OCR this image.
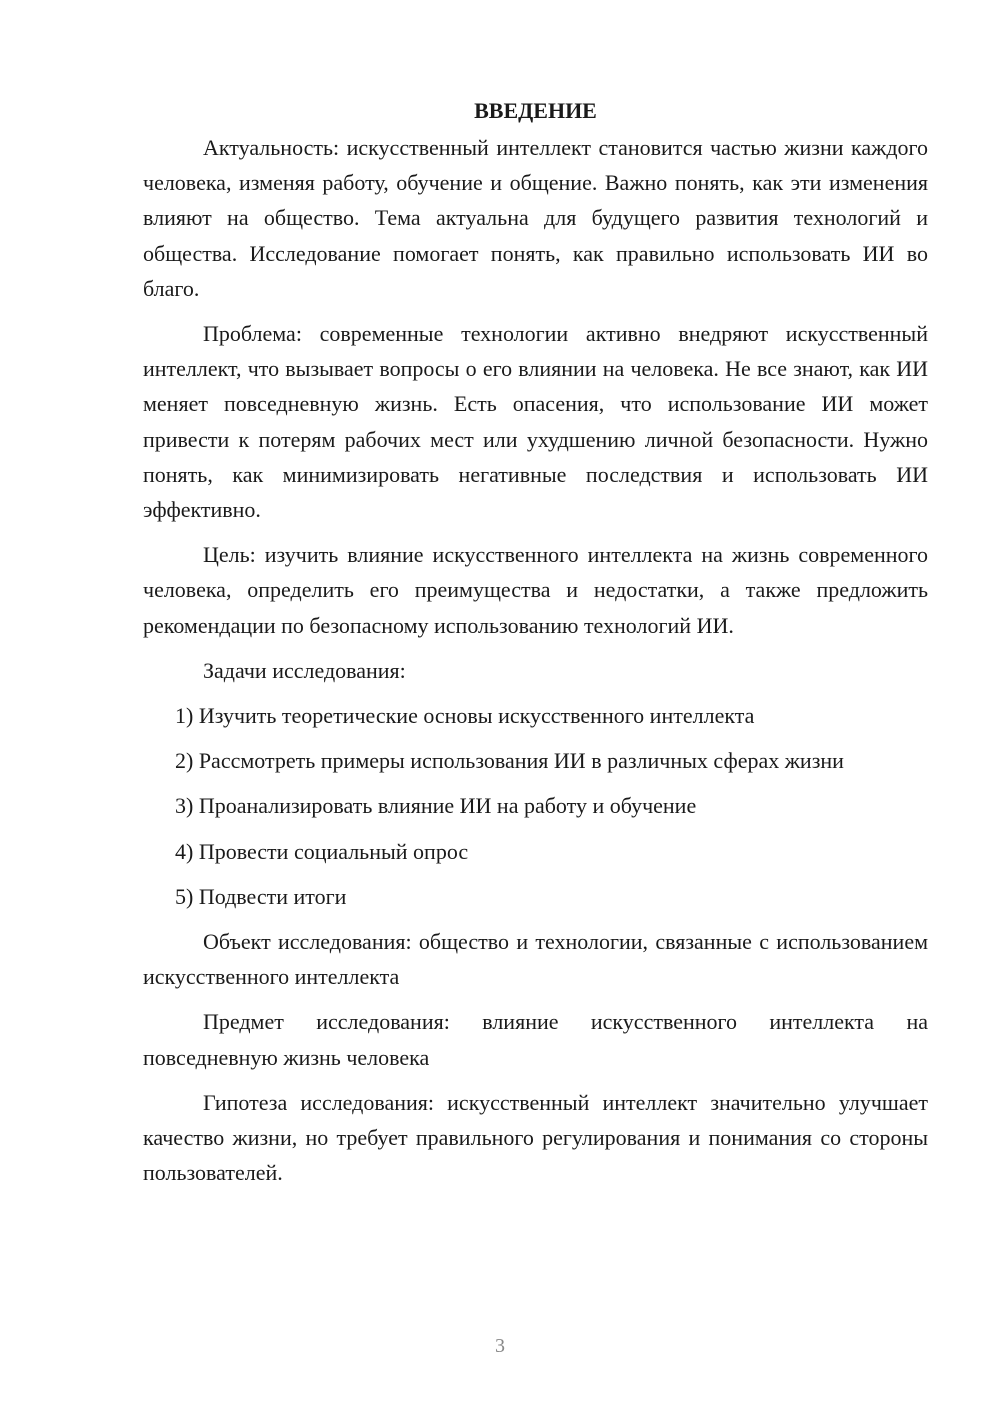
ВВЕДЕНИЕ

Актуальность: искусственный интеллект становится частью жизни каждого человека, изменяя работу, обучение и общение. Важно понять, как эти изменения влияют на общество. Тема актуальна для будущего развития технологий и общества. Исследование помогает понять, как правильно использовать ИИ во благо.

Проблема: современные технологии активно внедряют искусственный интеллект, что вызывает вопросы о его влиянии на человека. Не все знают, как ИИ меняет повседневную жизнь. Есть опасения, что использование ИИ может привести к потерям рабочих мест или ухудшению личной безопасности. Нужно понять, как минимизировать негативные последствия и использовать ИИ эффективно.

Цель: изучить влияние искусственного интеллекта на жизнь современного человека, определить его преимущества и недостатки, а также предложить рекомендации по безопасному использованию технологий ИИ.

Задачи исследования:

1) Изучить теоретические основы искусственного интеллекта

2) Рассмотреть примеры использования ИИ в различных сферах жизни

3) Проанализировать влияние ИИ на работу и обучение

4) Провести социальный опрос

5) Подвести итоги

Объект исследования: общество и технологии, связанные с использованием искусственного интеллекта

Предмет исследования: влияние искусственного интеллекта на повседневную жизнь человека

Гипотеза исследования: искусственный интеллект значительно улучшает качество жизни, но требует правильного регулирования и понимания со стороны пользователей.

3
